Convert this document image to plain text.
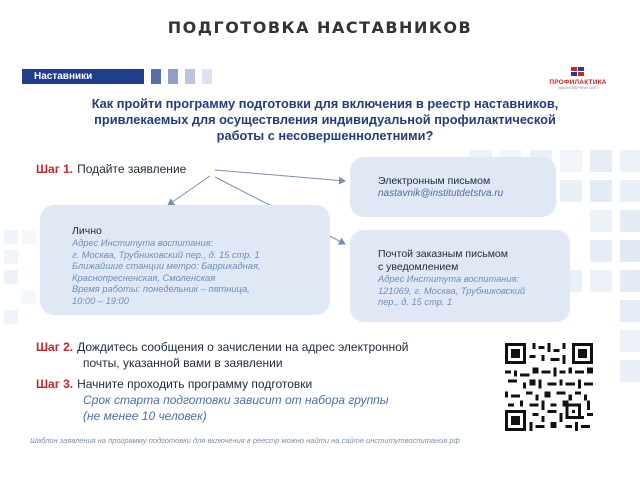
ПОДГОТОВКА НАСТАВНИКОВ
Наставники
ПРОФИЛАКТИКА
ЗАКОНОМЕРНЫЙ СВЕТ
Как пройти программу подготовки для включения в реестр наставников,
привлекаемых для осуществления индивидуальной профилактической
работы с несовершеннолетними?
Шаг 1. Подайте заявление
Электронным письмом
nastavnik@institutdetstva.ru
Лично
Адрес Института воспитания:
г. Москва, Трубниковский пер., д. 15 стр. 1
Ближайшие станции метро: Баррикадная,
Краснопресненская, Смоленская
Время работы: понедельник – пятница,
10:00 – 19:00
Почтой заказным письмом
с уведомлением
Адрес Института воспитания:
121069, г. Москва, Трубниковский
пер., д. 15 стр. 1
Шаг 2. Дождитесь сообщения о зачислении на адрес электронной
почты, указанной вами в заявлении
Шаг 3. Начните проходить программу подготовки
Срок старта подготовки зависит от набора группы
(не менее 10 человек)
Шаблон заявления на программу подготовки для включения в реестр можно найти на сайте институтвоспитания.рф
